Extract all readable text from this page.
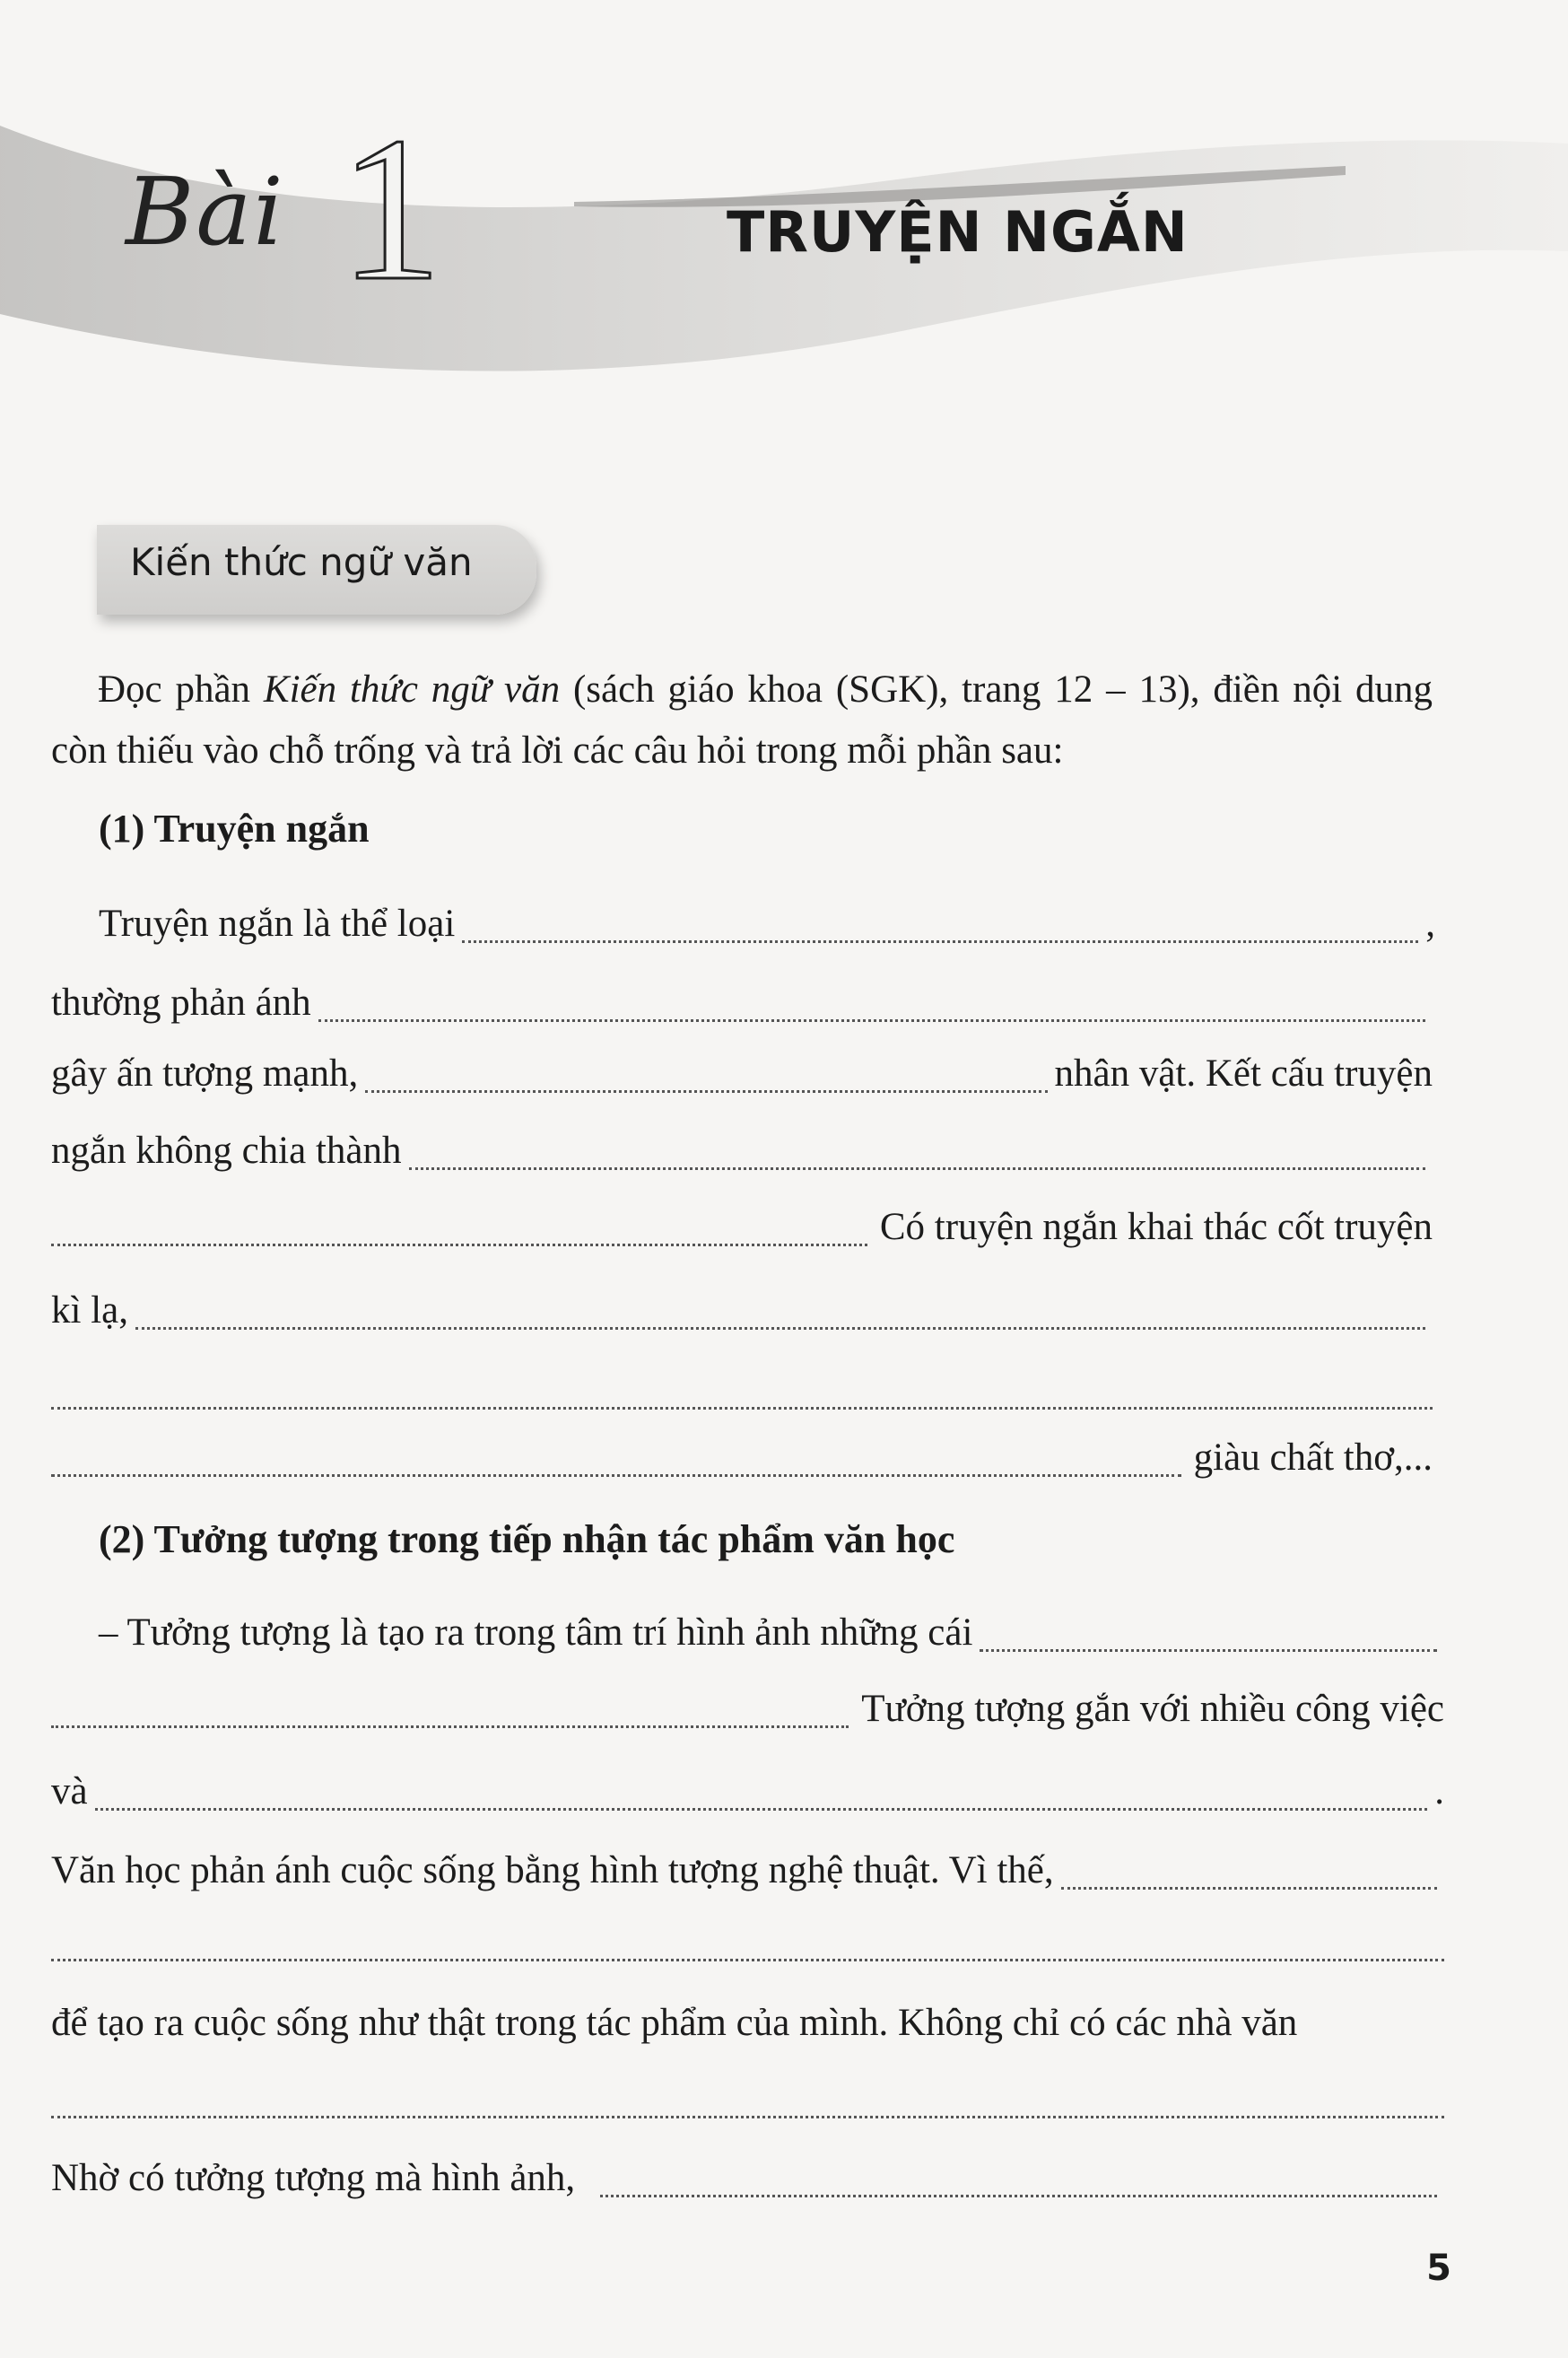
Bài 1	TRUYỆN NGẮN
Kiến thức ngữ văn
Đọc phần Kiến thức ngữ văn (sách giáo khoa (SGK), trang 12 – 13), điền nội dung còn thiếu vào chỗ trống và trả lời các câu hỏi trong mỗi phần sau:
(1) Truyện ngắn
Truyện ngắn là thể loại	,
thường phản ánh
gây ấn tượng mạnh,	nhân vật. Kết cấu truyện
ngắn không chia thành
Có truyện ngắn khai thác cốt truyện
kì lạ,
giàu chất thơ,...
(2) Tưởng tượng trong tiếp nhận tác phẩm văn học
– Tưởng tượng là tạo ra trong tâm trí hình ảnh những cái
Tưởng tượng gắn với nhiều công việc
và	.
Văn học phản ánh cuộc sống bằng hình tượng nghệ thuật. Vì thế,
để tạo ra cuộc sống như thật trong tác phẩm của mình. Không chỉ có các nhà văn
Nhờ có tưởng tượng mà hình ảnh,
5
